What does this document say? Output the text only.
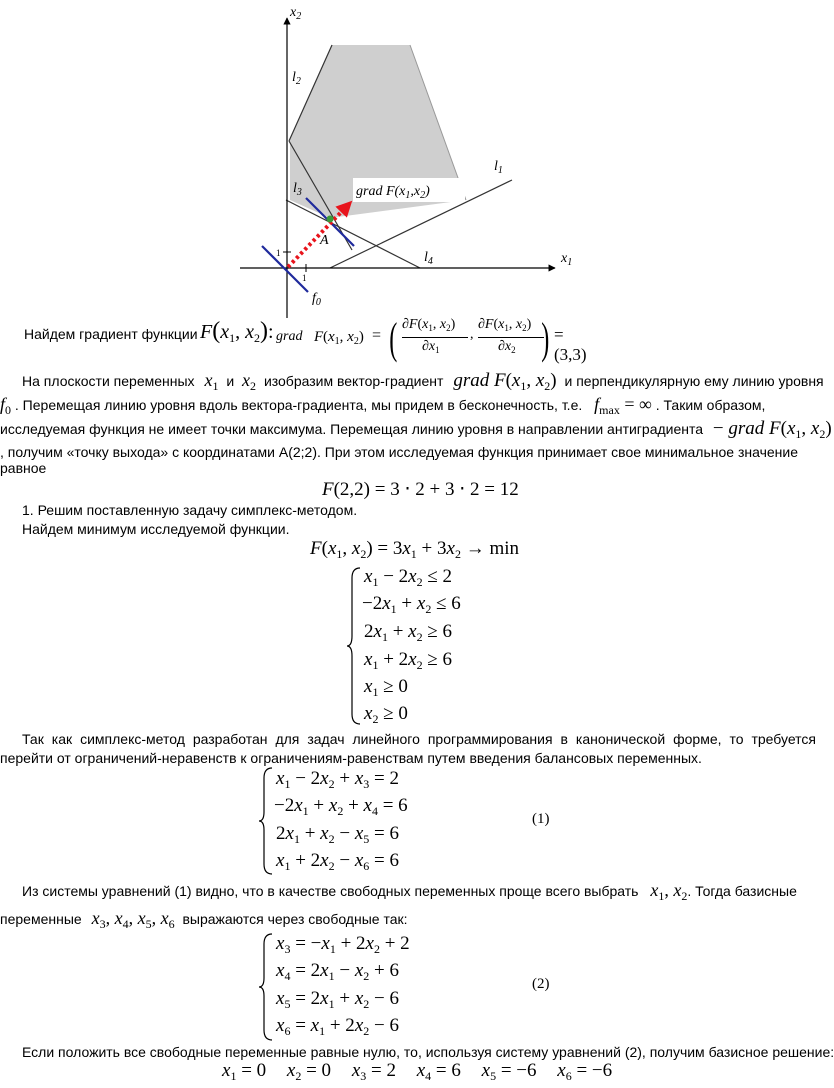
$x_2$
$x_1$
$l_2$
$l_1$
$l_3$
$l_4$
A
$f_0$
1
1
grad $F(x_1,x_2)$
Найдем градиент функции $F(x_1$, $x_2$): grad F ($x_1$, $x_2$) = ( $\partial F(x_1$, $x_2$)
$\partial x_1$
,
$\partial F(x_1$, $x_2$)
$\partial x_2$ ) = (3,3)
На плоскости переменных $x_1$ и $x_2$ изобразим вектор-градиент grad $F(x_1$, $x_2$) и перпендикулярную ему линию уровня
$f_0$ . Перемещая линию уровня вдоль вектора-градиента, мы придем в бесконечность, т.е. $f_{max}$ = ∞ . Таким образом,
исследуемая функция не имеет точки максимума. Перемещая линию уровня в направлении антиградиента − grad $F(x_1$, $x_2$)
, получим «точку выхода» с координатами A(2;2). При этом исследуемая функция принимает свое минимальное значение равное
F(2,2) = 3 ⋅ 2 + 3 ⋅ 2 = 12
1. Решим поставленную задачу симплекс-методом.
Найдем минимум исследуемой функции.
$F(x_1$, $x_2) = 3x_1 + 3x_2 \to \min$
$x_1 - 2x_2 \le 2$
$-2x_1 + x_2 \le 6$
$2x_1 + x_2 \ge 6$
$x_1 + 2x_2 \ge 6$
$x_1 \ge 0$
$x_2 \ge 0$
Так как симплекс-метод разработан для задач линейного программирования в канонической форме, то требуется перейти от ограничений-неравенств к ограничениям-равенствам путем введения балансовых переменных.
$x_1 - 2x_2 + x_3 = 2$
$-2x_1 + x_2 + x_4 = 6$
$2x_1 + x_2 - x_5 = 6$
$x_1 + 2x_2 - x_6 = 6$
(1)
Из системы уравнений (1) видно, что в качестве свободных переменных проще всего выбрать $x_1$, $x_2$. Тогда базисные
переменные $x_3$, $x_4$, $x_5$, $x_6$ выражаются через свободные так:
$x_3 = -x_1 + 2x_2 + 2$
$x_4 = 2x_1 - x_2 + 6$
$x_5 = 2x_1 + x_2 - 6$
$x_6 = x_1 + 2x_2 - 6$
(2)
Если положить все свободные переменные равные нулю, то, используя систему уравнений (2), получим базисное решение:
$x_1 = 0$ $x_2 = 0$ $x_3 = 2$ $x_4 = 6$ $x_5 = -6$ $x_6 = -6$
